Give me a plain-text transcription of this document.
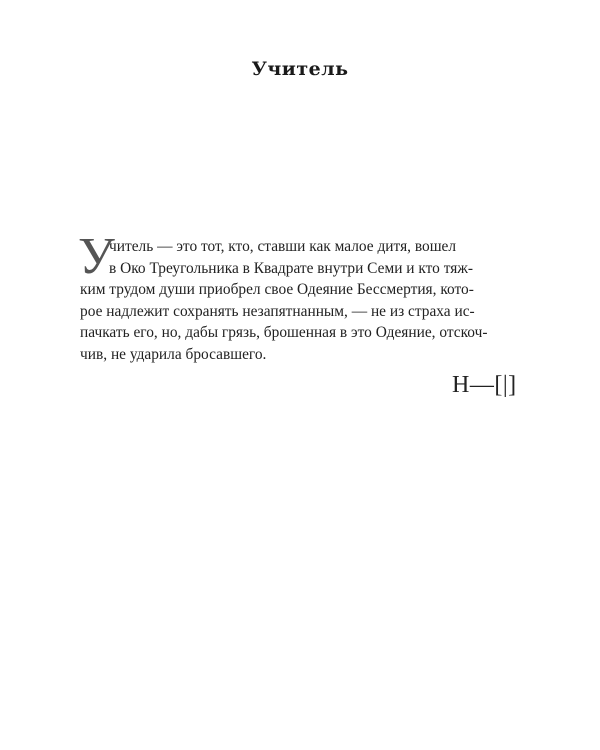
Учитель
У
читель — это тот, кто, ставши как малое дитя, вошел
в Око Треугольника в Квадрате внутри Семи и кто тяж-
ким трудом души приобрел свое Одеяние Бессмертия, кото-
рое надлежит сохранять незапятнанным, — не из страха ис-
пачкать его, но, дабы грязь, брошенная в это Одеяние, отскоч-
чив, не ударила бросавшего.
Н—[|]
